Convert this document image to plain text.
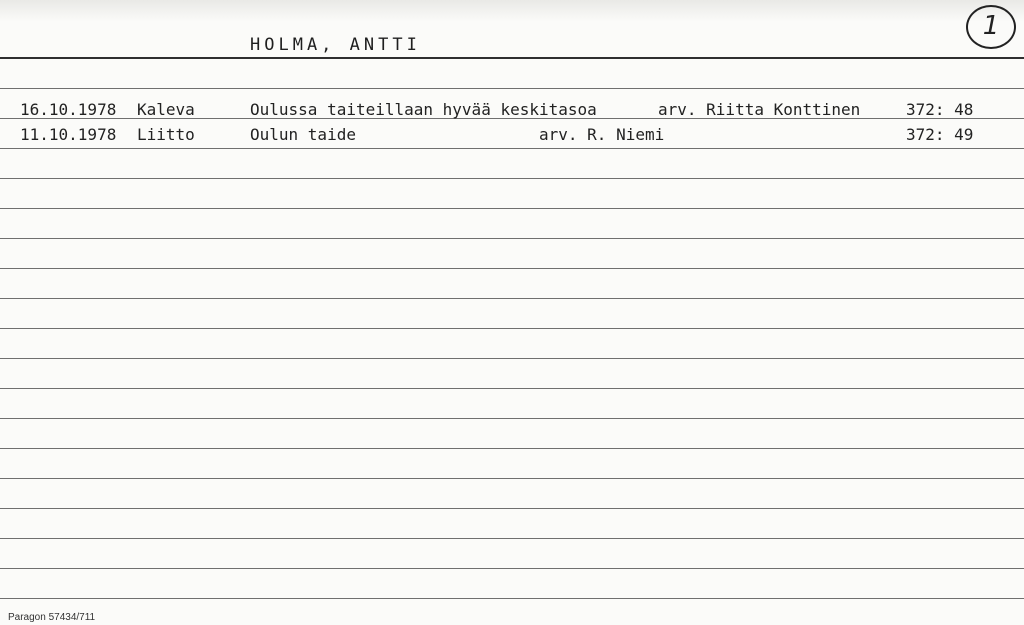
HOLMA, ANTTI
1
16.10.1978 Kaleva	Oulussa taiteillaan hyvää keskitasoa	arv. Riitta Konttinen	372: 48
11.10.1978 Liitto	Oulun taide	arv. R. Niemi	372: 49
Paragon 57434/711
